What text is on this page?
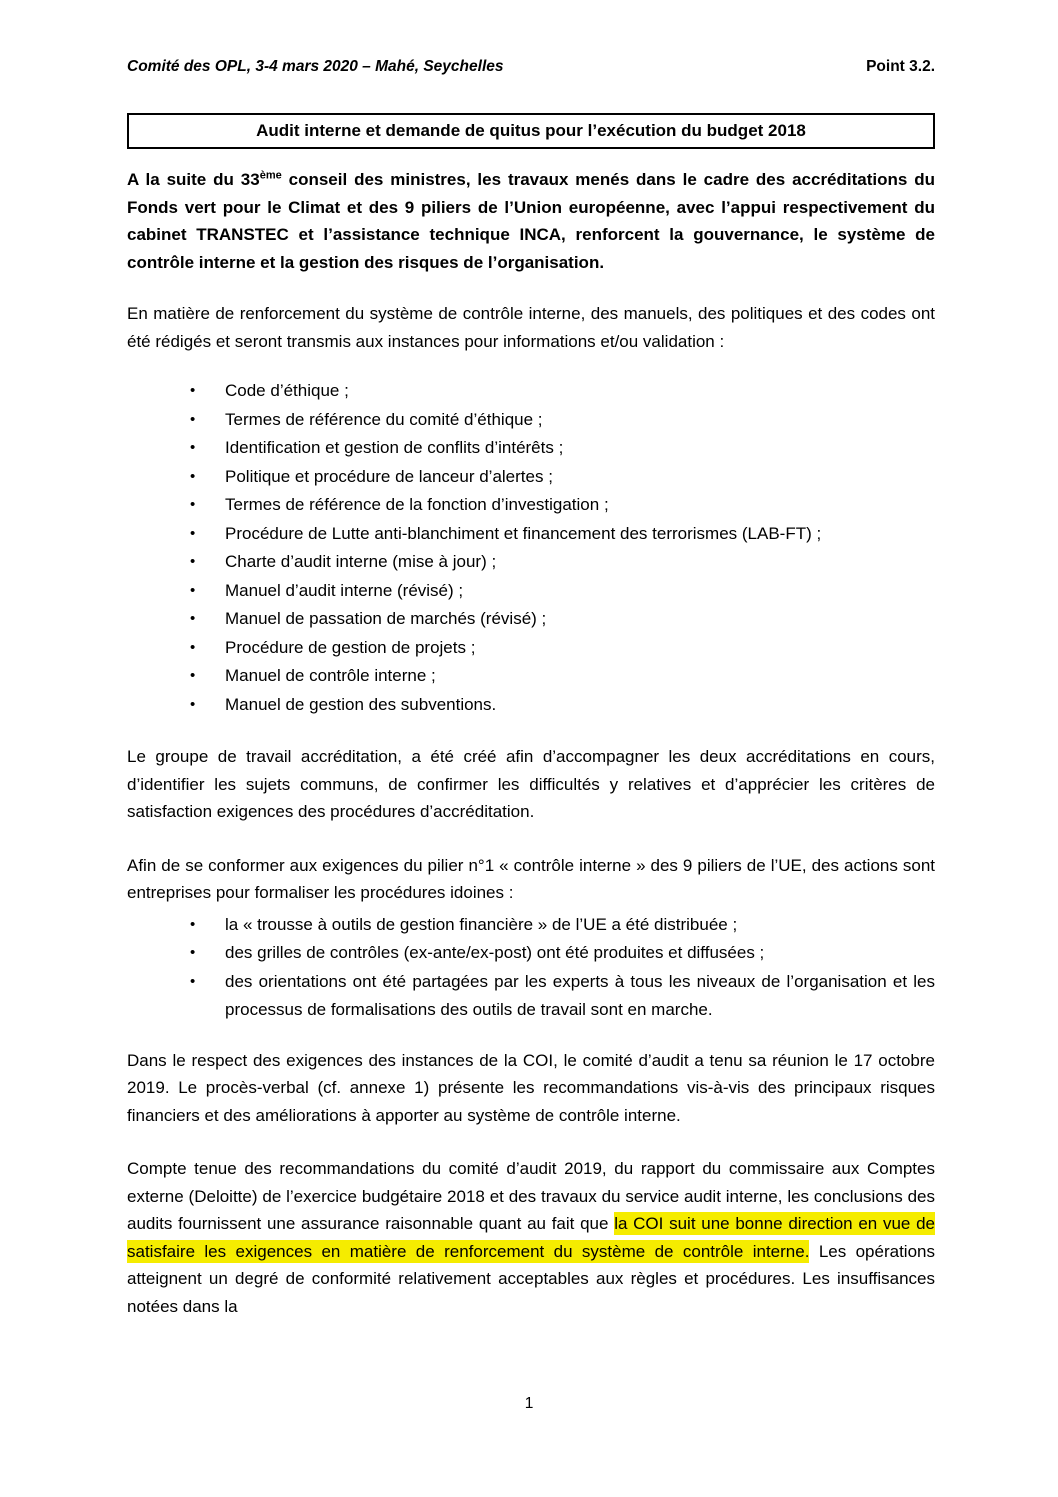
Comité des OPL, 3-4 mars 2020 – Mahé, Seychelles	Point 3.2.
Audit interne et demande de quitus pour l’exécution du budget 2018

A la suite du 33ème conseil des ministres, les travaux menés dans le cadre des accréditations du Fonds vert pour le Climat et des 9 piliers de l’Union européenne, avec l’appui respectivement du cabinet TRANSTEC et l’assistance technique INCA, renforcent la gouvernance, le système de contrôle interne et la gestion des risques de l’organisation.

En matière de renforcement du système de contrôle interne, des manuels, des politiques et des codes ont été rédigés et seront transmis aux instances pour informations et/ou validation :

•	Code d’éthique ;
•	Termes de référence du comité d’éthique ;
•	Identification et gestion de conflits d’intérêts ;
•	Politique et procédure de lanceur d’alertes ;
•	Termes de référence de la fonction d’investigation ;
•	Procédure de Lutte anti-blanchiment et financement des terrorismes (LAB-FT) ;
•	Charte d’audit interne (mise à jour) ;
•	Manuel d’audit interne (révisé) ;
•	Manuel de passation de marchés (révisé) ;
•	Procédure de gestion de projets ;
•	Manuel de contrôle interne ;
•	Manuel de gestion des subventions.

Le groupe de travail accréditation, a été créé afin d’accompagner les deux accréditations en cours, d’identifier les sujets communs, de confirmer les difficultés y relatives et d’apprécier les critères de satisfaction exigences des procédures d’accréditation.

Afin de se conformer aux exigences du pilier n°1 « contrôle interne » des 9 piliers de l’UE, des actions sont entreprises pour formaliser les procédures idoines :

•	la « trousse à outils de gestion financière » de l’UE a été distribuée ;
•	des grilles de contrôles (ex-ante/ex-post) ont été produites et diffusées ;
•	des orientations ont été partagées par les experts à tous les niveaux de l’organisation et les processus de formalisations des outils de travail sont en marche.

Dans le respect des exigences des instances de la COI, le comité d’audit a tenu sa réunion le 17 octobre 2019. Le procès-verbal (cf. annexe 1) présente les recommandations vis-à-vis des principaux risques financiers et des améliorations à apporter au système de contrôle interne.

Compte tenue des recommandations du comité d’audit 2019, du rapport du commissaire aux Comptes externe (Deloitte) de l’exercice budgétaire 2018 et des travaux du service audit interne, les conclusions des audits fournissent une assurance raisonnable quant au fait que la COI suit une bonne direction en vue de satisfaire les exigences en matière de renforcement du système de contrôle interne. Les opérations atteignent un degré de conformité relativement acceptables aux règles et procédures. Les insuffisances notées dans la

1
